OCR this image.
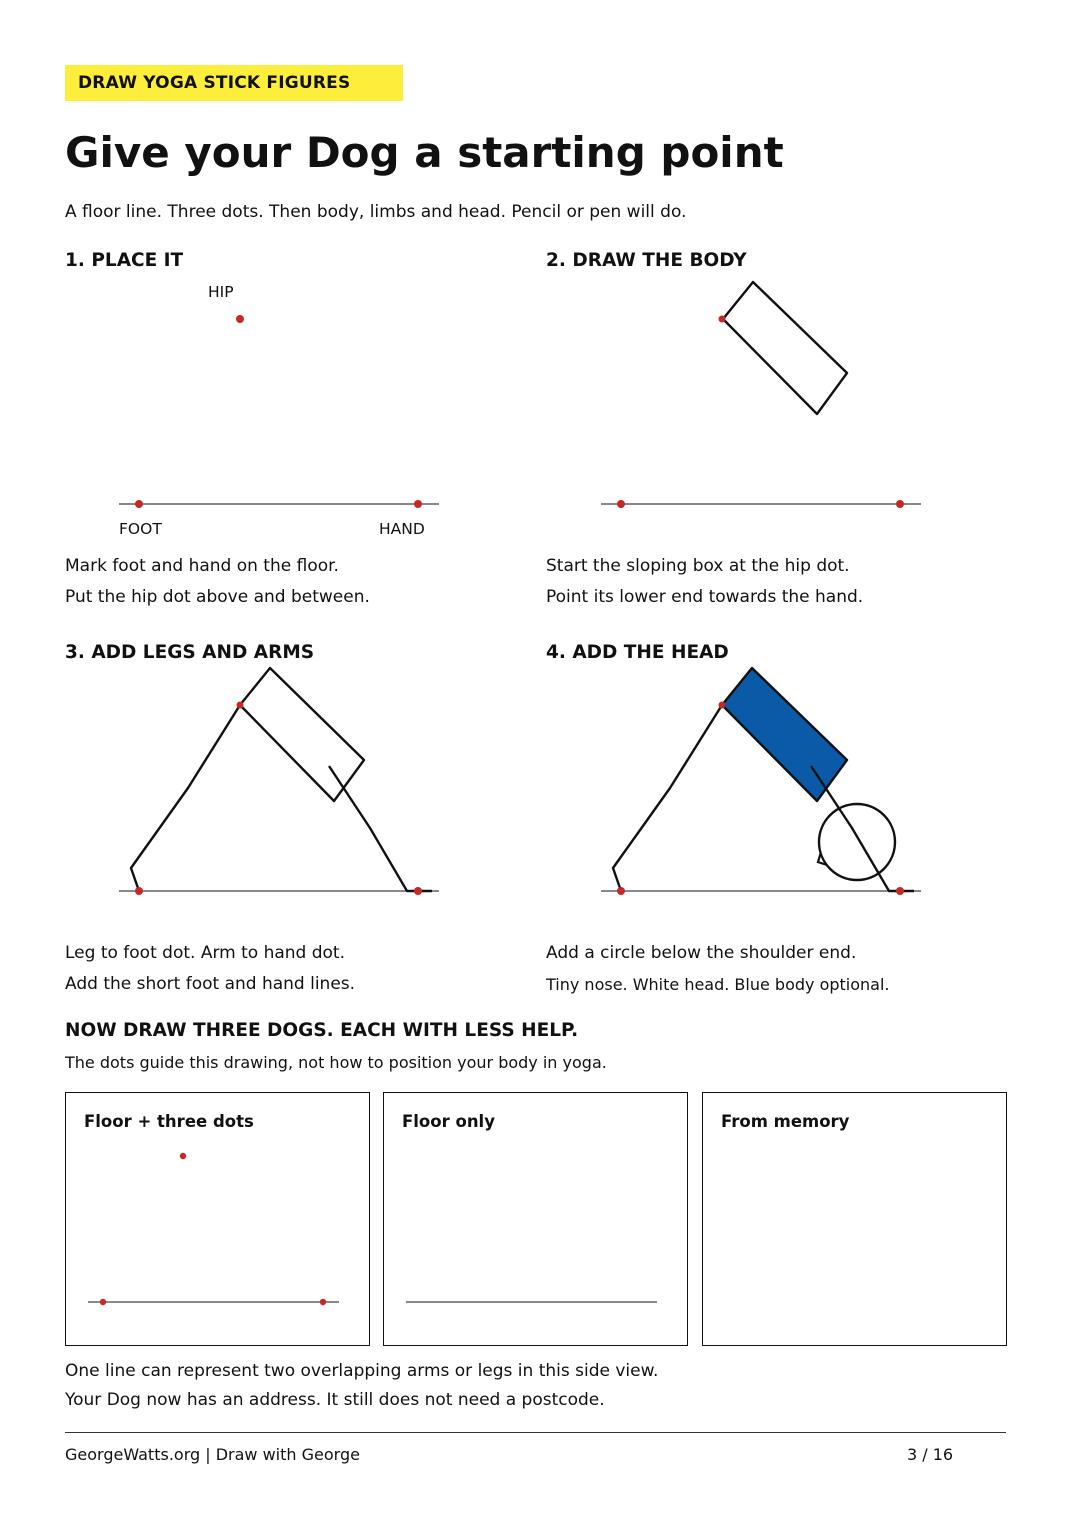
DRAW YOGA STICK FIGURES
Give your Dog a starting point
A floor line. Three dots. Then body, limbs and head. Pencil or pen will do.
1. PLACE IT
HIP
FOOT	HAND
Mark foot and hand on the floor.
Put the hip dot above and between.
2. DRAW THE BODY
Start the sloping box at the hip dot.
Point its lower end towards the hand.
3. ADD LEGS AND ARMS
Leg to foot dot. Arm to hand dot.
Add the short foot and hand lines.
4. ADD THE HEAD
Add a circle below the shoulder end.
Tiny nose. White head. Blue body optional.
NOW DRAW THREE DOGS. EACH WITH LESS HELP.
The dots guide this drawing, not how to position your body in yoga.
Floor + three dots	Floor only	From memory
One line can represent two overlapping arms or legs in this side view.
Your Dog now has an address. It still does not need a postcode.
GeorgeWatts.org | Draw with George	3 / 16
